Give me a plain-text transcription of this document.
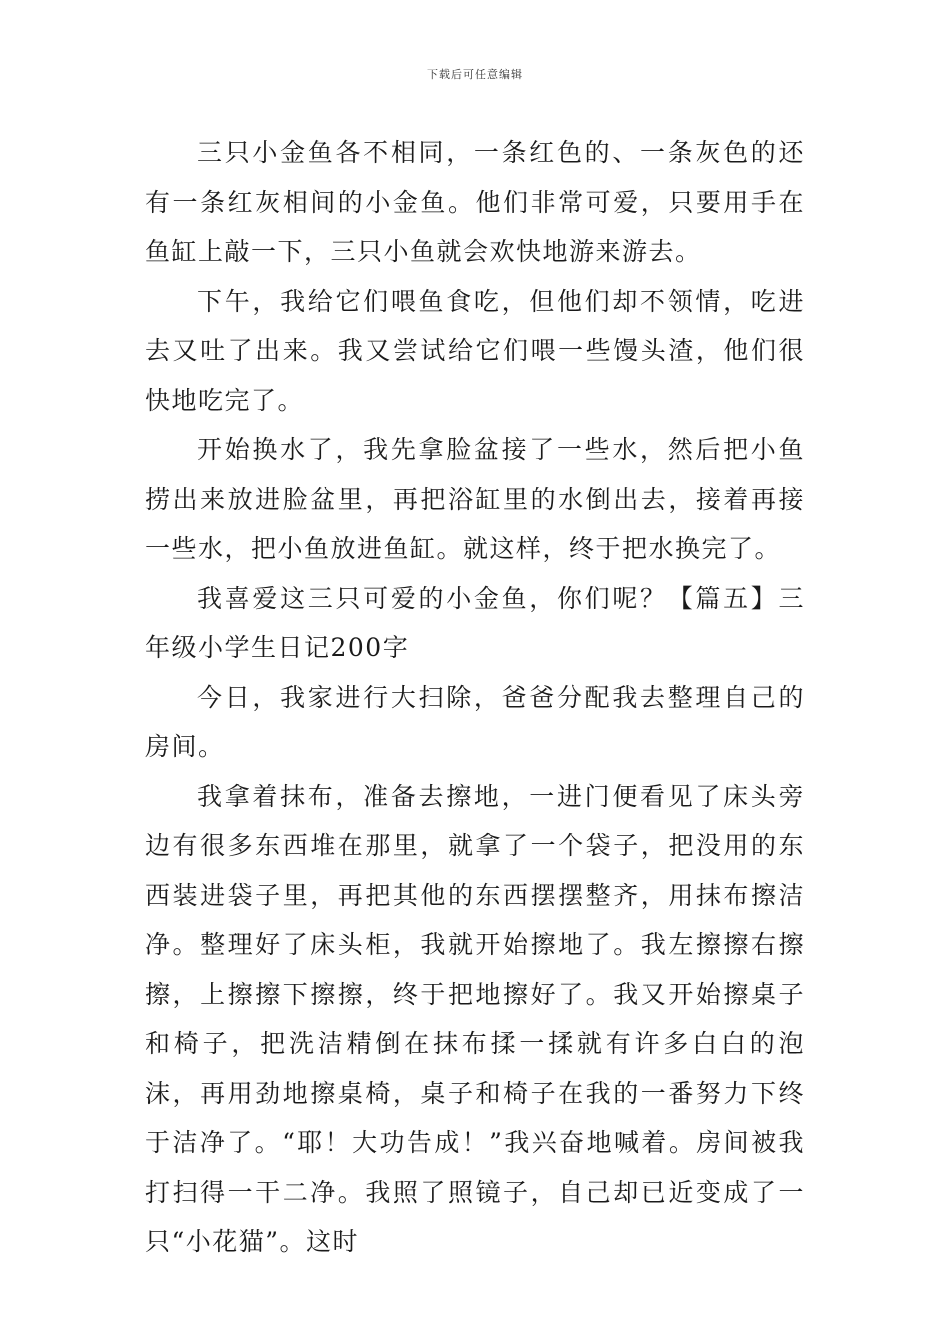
下载后可任意编辑

三只小金鱼各不相同，一条红色的、一条灰色的还有一条红灰相间的小金鱼。他们非常可爱，只要用手在鱼缸上敲一下，三只小鱼就会欢快地游来游去。

下午，我给它们喂鱼食吃，但他们却不领情，吃进去又吐了出来。我又尝试给它们喂一些馒头渣，他们很快地吃完了。

开始换水了，我先拿脸盆接了一些水，然后把小鱼捞出来放进脸盆里，再把浴缸里的水倒出去，接着再接一些水，把小鱼放进鱼缸。就这样，终于把水换完了。

我喜爱这三只可爱的小金鱼，你们呢？【篇五】三年级小学生日记200字

今日，我家进行大扫除，爸爸分配我去整理自己的房间。

我拿着抹布，准备去擦地，一进门便看见了床头旁边有很多东西堆在那里，就拿了一个袋子，把没用的东西装进袋子里，再把其他的东西摆摆整齐，用抹布擦洁净。整理好了床头柜，我就开始擦地了。我左擦擦右擦擦，上擦擦下擦擦，终于把地擦好了。我又开始擦桌子和椅子，把洗洁精倒在抹布揉一揉就有许多白白的泡沫，再用劲地擦桌椅，桌子和椅子在我的一番努力下终于洁净了。“耶！大功告成！”我兴奋地喊着。房间被我打扫得一干二净。我照了照镜子，自己却已近变成了一只“小花猫”。这时
